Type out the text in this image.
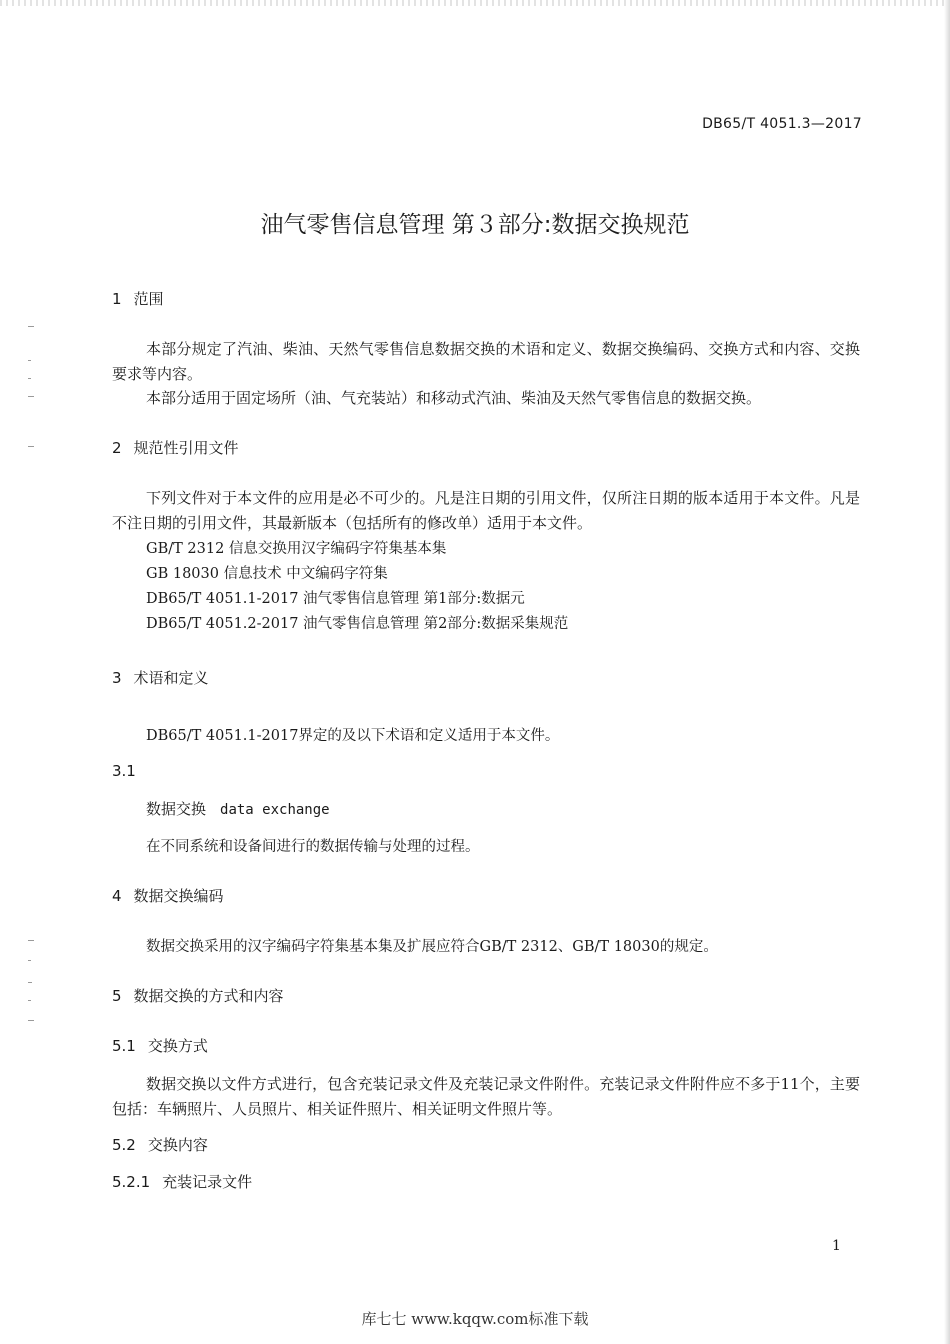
DB65/T 4051.3—2017
油气零售信息管理 第３部分:数据交换规范
1 范围
本部分规定了汽油、柴油、天然气零售信息数据交换的术语和定义、数据交换编码、交换方式和内容、交换要求等内容。
本部分适用于固定场所（油、气充装站）和移动式汽油、柴油及天然气零售信息的数据交换。
2 规范性引用文件
下列文件对于本文件的应用是必不可少的。凡是注日期的引用文件，仅所注日期的版本适用于本文件。凡是不注日期的引用文件，其最新版本（包括所有的修改单）适用于本文件。
GB/T 2312 信息交换用汉字编码字符集基本集
GB 18030 信息技术 中文编码字符集
DB65/T 4051.1-2017 油气零售信息管理 第1部分:数据元
DB65/T 4051.2-2017 油气零售信息管理 第2部分:数据采集规范
3 术语和定义
DB65/T 4051.1-2017界定的及以下术语和定义适用于本文件。
3.1
数据交换 data exchange
在不同系统和设备间进行的数据传输与处理的过程。
4 数据交换编码
数据交换采用的汉字编码字符集基本集及扩展应符合GB/T 2312、GB/T 18030的规定。
5 数据交换的方式和内容
5.1 交换方式
数据交换以文件方式进行，包含充装记录文件及充装记录文件附件。充装记录文件附件应不多于11个，主要包括：车辆照片、人员照片、相关证件照片、相关证明文件照片等。
5.2 交换内容
5.2.1 充装记录文件
1
库七七 www.kqqw.com标准下载
